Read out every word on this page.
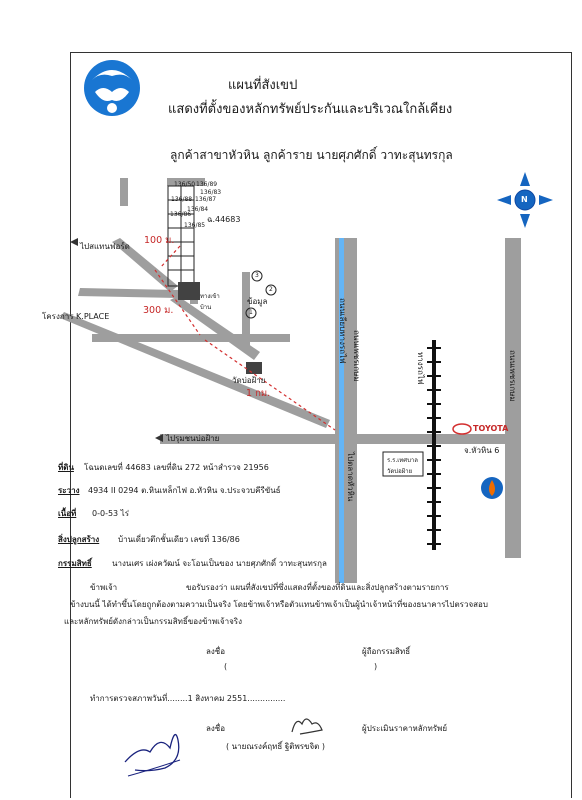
แผนที่สังเขป
แสดงที่ตั้งของหลักทรัพย์ประกันและบริเวณใกล้เคียง
ลูกค้าสาขาหัวหิน ลูกค้าราย นายศุภศักดิ์ วาทะสุนทรกุล
ฉ.44683
136/50 136/89
136/88 136/87
136/86
136/85
136/84
136/83
100 ม.
300 ม.
1 กม.
ไปสแทนฟอร์ด
โครงการ K.PLACE
ทางเข้า
บ้าน
1
2
3
ข้อมูล
วัดบ่อฝ้าย
ไปรุมชนบ่อฝ้าย
ถนนเลียบทางรถไฟ ถนนเพชรเกษม
ไปตลาดหัวหิน
ทางรถไฟ	ถนนเพชรเกษม
TOYOTA
จ.หัวหิน 6
ร.ร.เทศบาล
วัดบ่อฝ้าย
N
ที่ดิน โฉนดเลขที่ 44683 เลขที่ดิน 272 หน้าสำรวจ 21956
ระวาง 4934 II 0294 ต.หินเหล็กไฟ อ.หัวหิน จ.ประจวบคีรีขันธ์
เนื้อที่ 0-0-53 ไร่
สิ่งปลูกสร้าง บ้านเดี่ยวตึกชั้นเดียว เลขที่ 136/86
กรรมสิทธิ์	นางนเศร เผ่งควัฒน์ จะโอนเป็นของ นายศุภศักดิ์ วาทะสุนทรกุล
ข้าพเจ้า	ขอรับรองว่า แผนที่สังเขปที่ซึ่งแสดงที่ตั้งของที่ดินและสิ่งปลูกสร้างตามรายการ
ข้างบนนี้ ได้ทำขึ้นโดยถูกต้องตามความเป็นจริง โดยข้าพเจ้าหรือตัวแทนข้าพเจ้าเป็นผู้นำเจ้าหน้าที่ของธนาคารไปตรวจสอบ
และหลักทรัพย์ดังกล่าวเป็นกรรมสิทธิ์ของข้าพเจ้าจริง
ลงชื่อ	ผู้ถือกรรมสิทธิ์
(	)
ทำการตรวจสภาพวันที่........1 สิงหาคม 2551...............
ลงชื่อ	ผู้ประเมินราคาหลักทรัพย์
( นายณรงค์ฤทธิ์ ฐิติพรขจิต )
